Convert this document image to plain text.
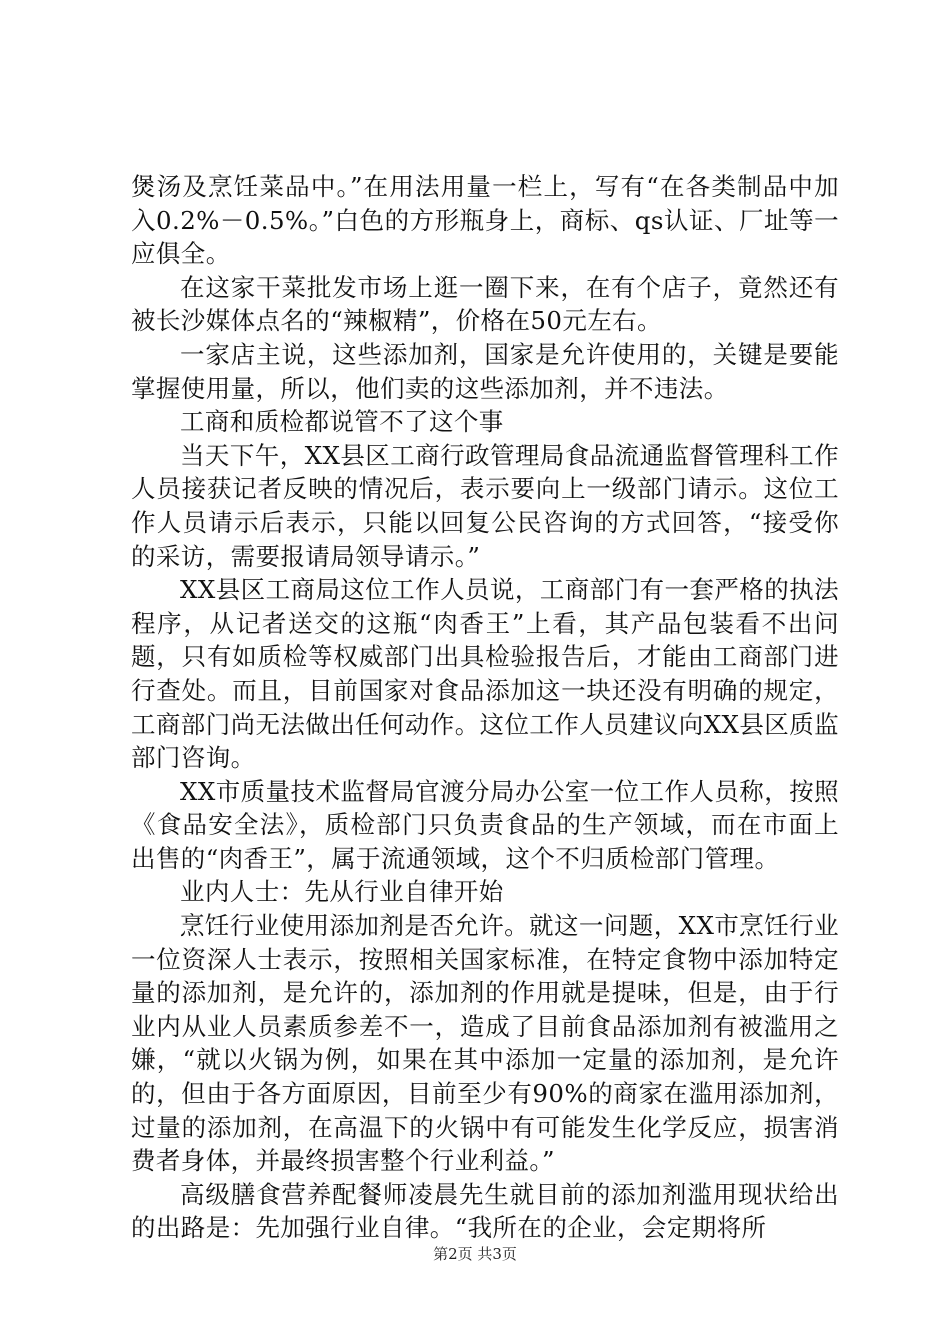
煲汤及烹饪菜品中。”在用法用量一栏上，写有“在各类制品中加入0.2%－0.5%。”白色的方形瓶身上，商标、qs认证、厂址等一应俱全。

在这家干菜批发市场上逛一圈下来，在有个店子，竟然还有被长沙媒体点名的“辣椒精”，价格在50元左右。

一家店主说，这些添加剂，国家是允许使用的，关键是要能掌握使用量，所以，他们卖的这些添加剂，并不违法。

工商和质检都说管不了这个事

当天下午，XX县区工商行政管理局食品流通监督管理科工作人员接获记者反映的情况后，表示要向上一级部门请示。这位工作人员请示后表示，只能以回复公民咨询的方式回答，“接受你的采访，需要报请局领导请示。”

XX县区工商局这位工作人员说，工商部门有一套严格的执法程序，从记者送交的这瓶“肉香王”上看，其产品包装看不出问题，只有如质检等权威部门出具检验报告后，才能由工商部门进行查处。而且，目前国家对食品添加这一块还没有明确的规定，工商部门尚无法做出任何动作。这位工作人员建议向XX县区质监部门咨询。

XX市质量技术监督局官渡分局办公室一位工作人员称，按照《食品安全法》，质检部门只负责食品的生产领域，而在市面上出售的“肉香王”，属于流通领域，这个不归质检部门管理。

业内人士：先从行业自律开始

烹饪行业使用添加剂是否允许。就这一问题，XX市烹饪行业一位资深人士表示，按照相关国家标准，在特定食物中添加特定量的添加剂，是允许的，添加剂的作用就是提味，但是，由于行业内从业人员素质参差不一，造成了目前食品添加剂有被滥用之嫌，“就以火锅为例，如果在其中添加一定量的添加剂，是允许的，但由于各方面原因，目前至少有90%的商家在滥用添加剂，过量的添加剂，在高温下的火锅中有可能发生化学反应，损害消费者身体，并最终损害整个行业利益。”

高级膳食营养配餐师凌晨先生就目前的添加剂滥用现状给出的出路是：先加强行业自律。“我所在的企业，会定期将所

第2页 共3页
